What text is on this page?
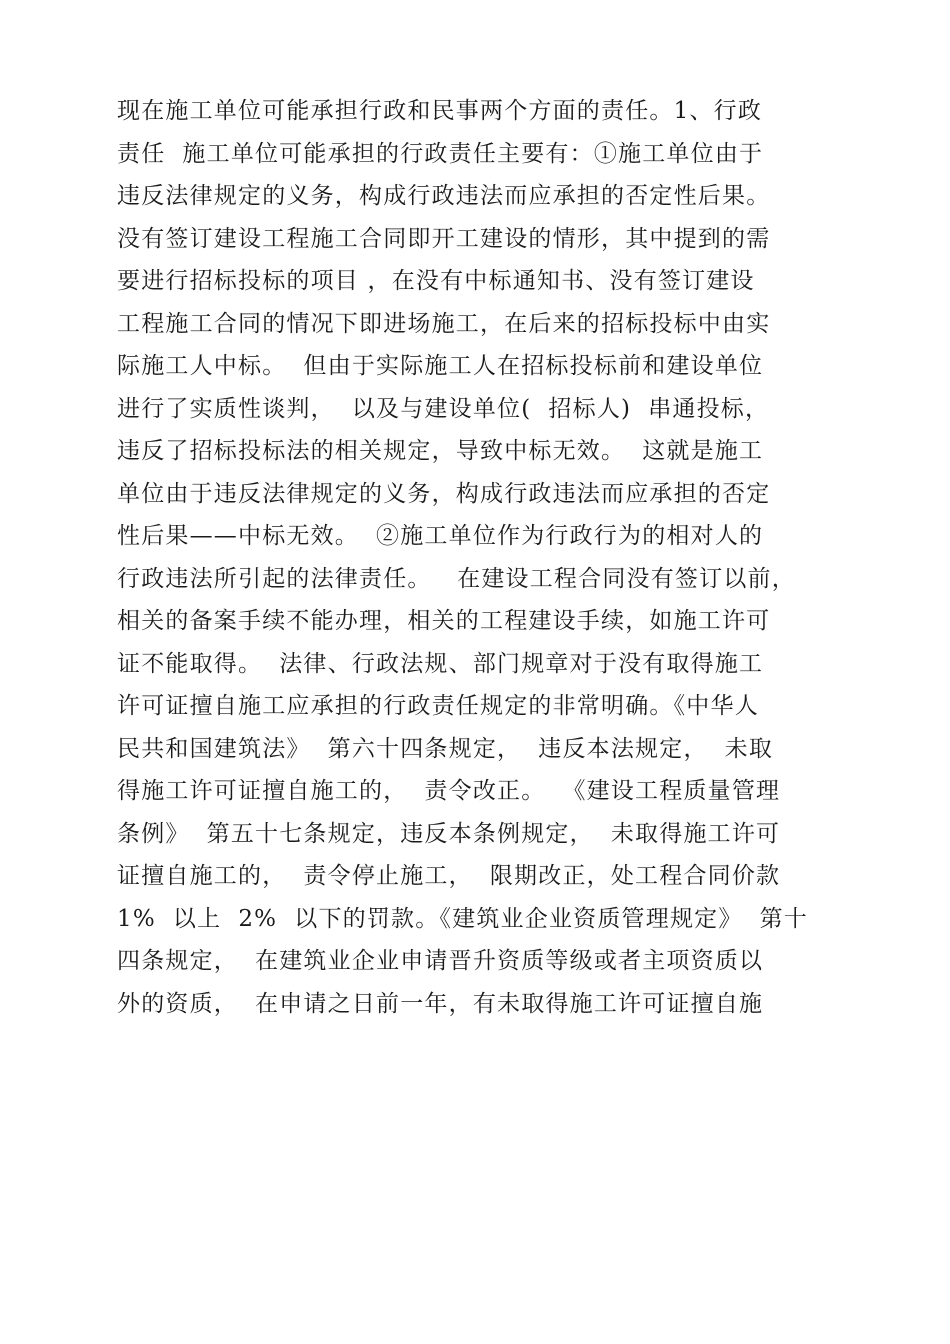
现在施工单位可能承担行政和民事两个方面的责任。1、行政
责任  施工单位可能承担的行政责任主要有：①施工单位由于
违反法律规定的义务，构成行政违法而应承担的否定性后果。
没有签订建设工程施工合同即开工建设的情形，其中提到的需
要进行招标投标的项目 ，在没有中标通知书、没有签订建设
工程施工合同的情况下即进场施工，在后来的招标投标中由实
际施工人中标。  但由于实际施工人在招标投标前和建设单位
进行了实质性谈判，  以及与建设单位(  招标人)  串通投标，
违反了招标投标法的相关规定，导致中标无效。  这就是施工
单位由于违反法律规定的义务，构成行政违法而应承担的否定
性后果——中标无效。  ②施工单位作为行政行为的相对人的
行政违法所引起的法律责任。   在建设工程合同没有签订以前，
相关的备案手续不能办理，相关的工程建设手续，如施工许可
证不能取得。  法律、行政法规、部门规章对于没有取得施工
许可证擅自施工应承担的行政责任规定的非常明确。《中华人
民共和国建筑法》  第六十四条规定，  违反本法规定，  未取
得施工许可证擅自施工的，  责令改正。  《建设工程质量管理
条例》  第五十七条规定，违反本条例规定，  未取得施工许可
证擅自施工的，  责令停止施工，  限期改正，处工程合同价款
1%  以上  2%  以下的罚款。《建筑业企业资质管理规定》  第十
四条规定，  在建筑业企业申请晋升资质等级或者主项资质以
外的资质，  在申请之日前一年，有未取得施工许可证擅自施
